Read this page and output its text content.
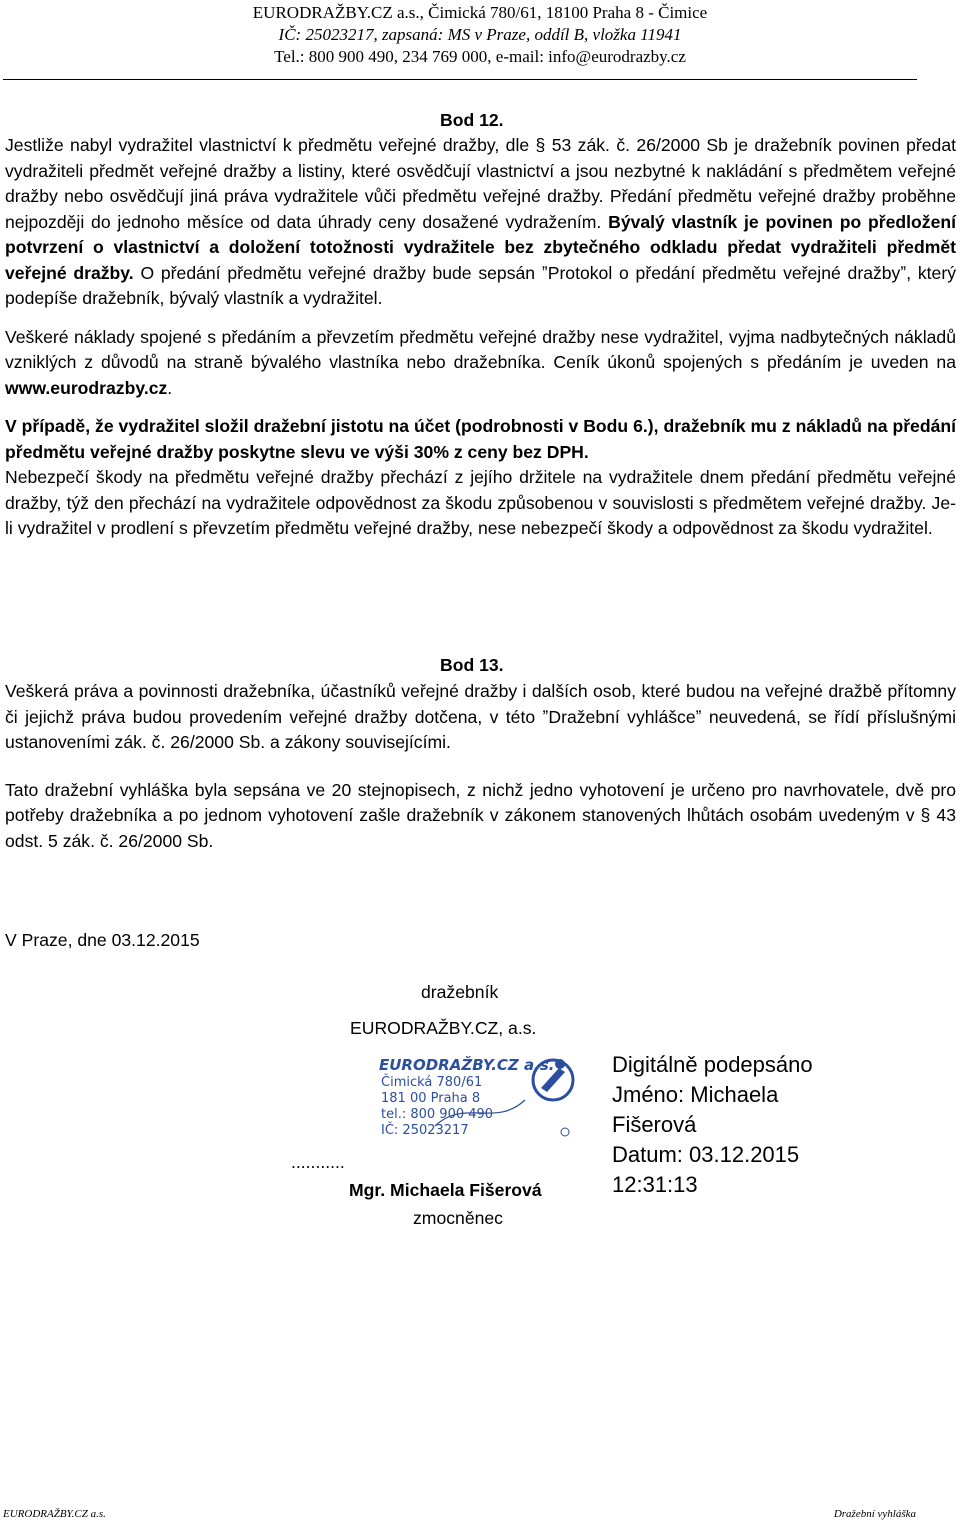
EURODRAŽBY.CZ a.s., Čimická 780/61, 18100 Praha 8 - Čimice
IČ: 25023217, zapsaná: MS v Praze, oddíl B, vložka 11941
Tel.: 800 900 490, 234 769 000, e-mail: info@eurodrazby.cz
Bod 12.

Jestliže nabyl vydražitel vlastnictví k předmětu veřejné dražby, dle § 53 zák. č. 26/2000 Sb je dražebník povinen předat vydražiteli předmět veřejné dražby a listiny, které osvědčují vlastnictví a jsou nezbytné k nakládání s předmětem veřejné dražby nebo osvědčují jiná práva vydražitele vůči předmětu veřejné dražby. Předání předmětu veřejné dražby proběhne nejpozději do jednoho měsíce od data úhrady ceny dosažené vydražením. Bývalý vlastník je povinen po předložení potvrzení o vlastnictví a doložení totožnosti vydražitele bez zbytečného odkladu předat vydražiteli předmět veřejné dražby. O předání předmětu veřejné dražby bude sepsán ˮProtokol o předání předmětu veřejné dražbyˮ, který podepíše dražebník, bývalý vlastník a vydražitel.

Veškeré náklady spojené s předáním a převzetím předmětu veřejné dražby nese vydražitel, vyjma nadbytečných nákladů vzniklých z důvodů na straně bývalého vlastníka nebo dražebníka. Ceník úkonů spojených s předáním je uveden na www.eurodrazby.cz.

V případě, že vydražitel složil dražební jistotu na účet (podrobnosti v Bodu 6.), dražebník mu z nákladů na předání předmětu veřejné dražby poskytne slevu ve výši 30% z ceny bez DPH.

Nebezpečí škody na předmětu veřejné dražby přechází z jejího držitele na vydražitele dnem předání předmětu veřejné dražby, týž den přechází na vydražitele odpovědnost za škodu způsobenou v souvislosti s předmětem veřejné dražby. Je-li vydražitel v prodlení s převzetím předmětu veřejné dražby, nese nebezpečí škody a odpovědnost za škodu vydražitel.

Bod 13.

Veškerá práva a povinnosti dražebníka, účastníků veřejné dražby i dalších osob, které budou na veřejné dražbě přítomny či jejichž práva budou provedením veřejné dražby dotčena, v této ˮDražební vyhlášceˮ neuvedená, se řídí příslušnými ustanoveními zák. č. 26/2000 Sb. a zákony souvisejícími.

Tato dražební vyhláška byla sepsána ve 20 stejnopisech, z nichž jedno vyhotovení je určeno pro navrhovatele, dvě pro potřeby dražebníka a po jednom vyhotovení zašle dražebník v zákonem stanovených lhůtách osobám uvedeným v § 43 odst. 5 zák. č. 26/2000 Sb.

V Praze, dne 03.12.2015
dražebník
EURODRAŽBY.CZ, a.s.
EURODRAŽBY.CZ a.s.
Čimická 780/61
181 00 Praha 8
tel.: 800 900 490
IČ: 25023217
...........
Mgr. Michaela Fišerová
zmocněnec
Digitálně podepsáno
Jméno: Michaela
Fišerová
Datum: 03.12.2015
12:31:13
EURODRAŽBY.CZ a.s.	Dražební vyhláška
